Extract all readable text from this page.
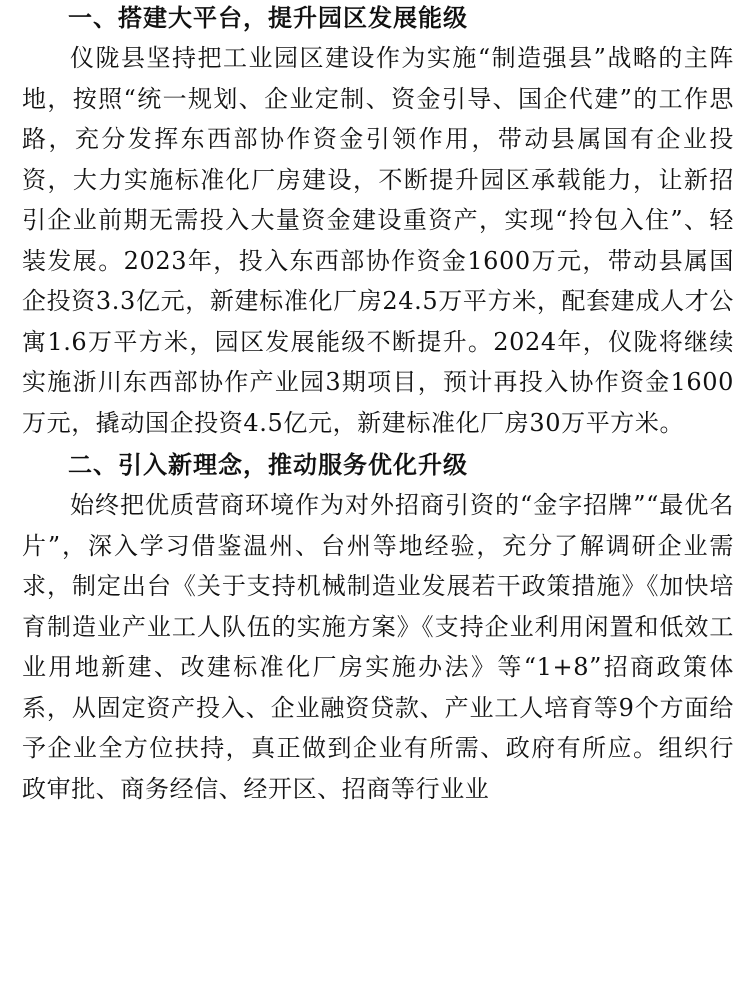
一、搭建大平台，提升园区发展能级

仪陇县坚持把工业园区建设作为实施“制造强县”战略的主阵地，按照“统一规划、企业定制、资金引导、国企代建”的工作思路，充分发挥东西部协作资金引领作用，带动县属国有企业投资，大力实施标准化厂房建设，不断提升园区承载能力，让新招引企业前期无需投入大量资金建设重资产，实现“拎包入住”、轻装发展。2023年，投入东西部协作资金1600万元，带动县属国企投资3.3亿元，新建标准化厂房24.5万平方米，配套建成人才公寓1.6万平方米，园区发展能级不断提升。2024年，仪陇将继续实施浙川东西部协作产业园3期项目，预计再投入协作资金1600万元，撬动国企投资4.5亿元，新建标准化厂房30万平方米。

二、引入新理念，推动服务优化升级

始终把优质营商环境作为对外招商引资的“金字招牌”“最优名片”，深入学习借鉴温州、台州等地经验，充分了解调研企业需求，制定出台《关于支持机械制造业发展若干政策措施》《加快培育制造业产业工人队伍的实施方案》《支持企业利用闲置和低效工业用地新建、改建标准化厂房实施办法》等“1+8”招商政策体系，从固定资产投入、企业融资贷款、产业工人培育等9个方面给予企业全方位扶持，真正做到企业有所需、政府有所应。组织行政审批、商务经信、经开区、招商等行业业
